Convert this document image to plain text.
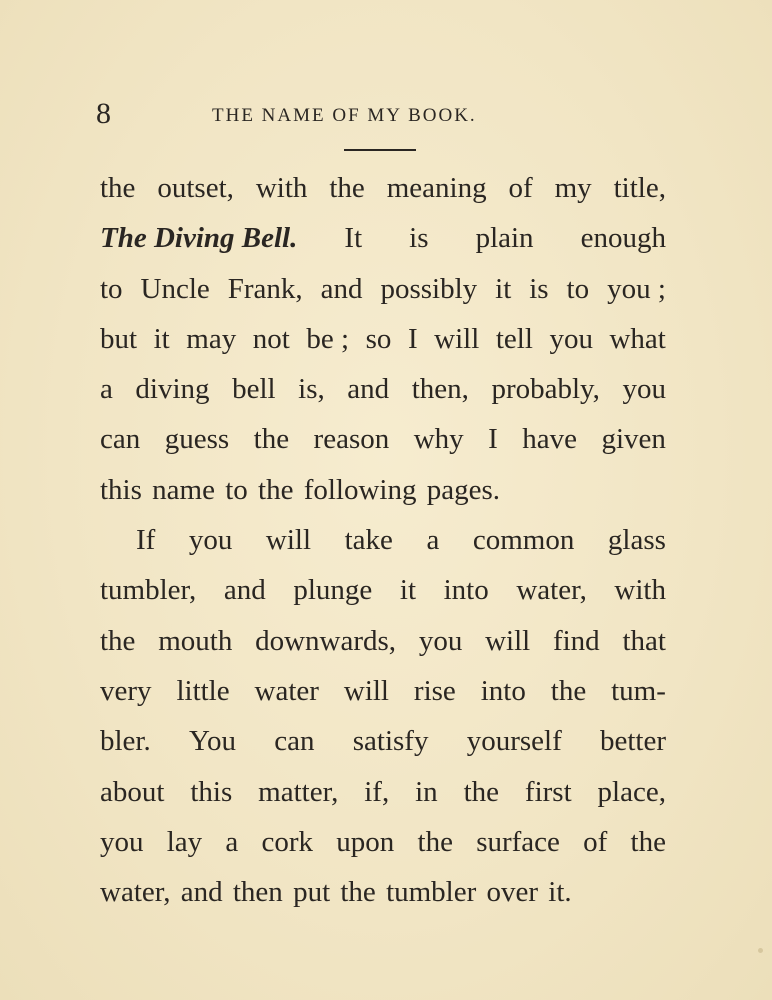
8	THE NAME OF MY BOOK.
the outset, with the meaning of my title,
The Diving Bell. It is plain enough
to Uncle Frank, and possibly it is to you ;
but it may not be ; so I will tell you what
a diving bell is, and then, probably, you
can guess the reason why I have given
this
name
to
the
following
pages.
If you will take a common glass
tumbler, and plunge it into water, with
the mouth downwards, you will find that
very little water will rise into the tum-
bler. You can satisfy yourself better
about this matter, if, in the first place,
you lay a cork upon the surface of the
water,
and
then
put
the
tumbler
over
it.
